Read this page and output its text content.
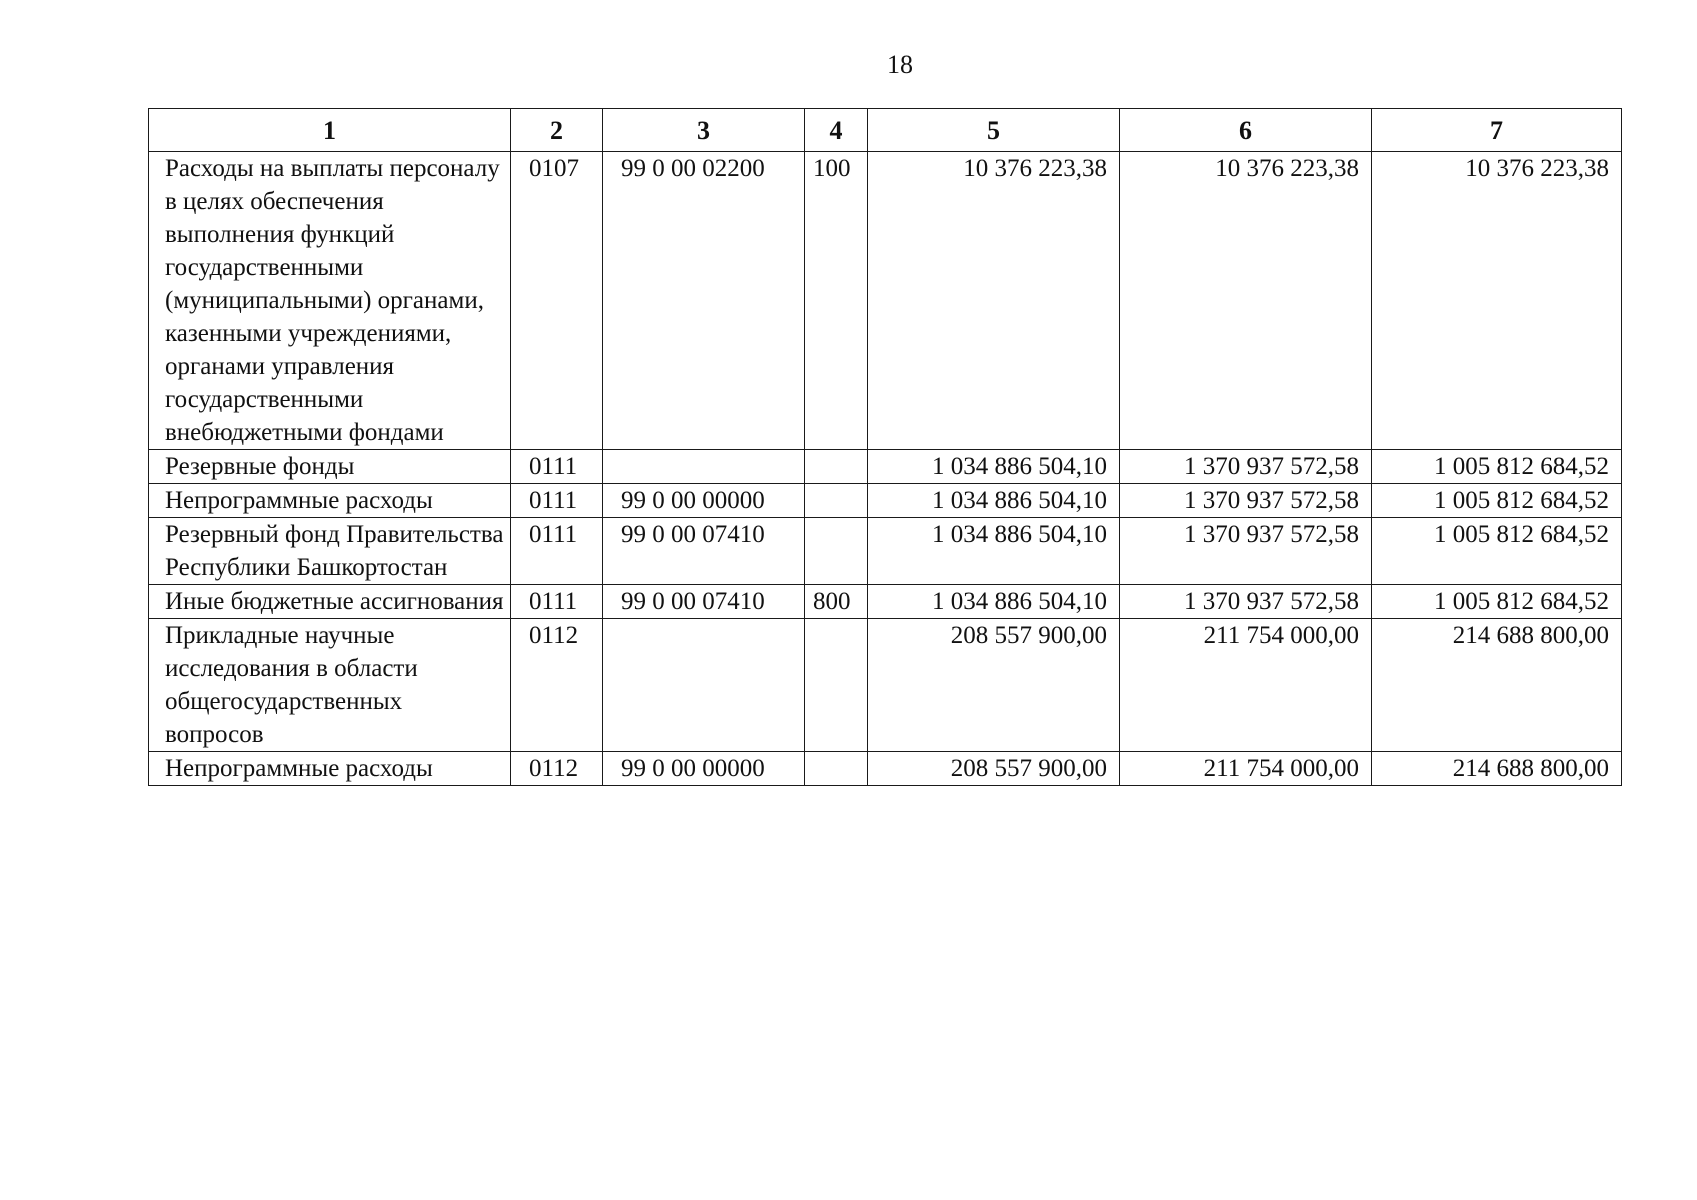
18
1	2	3	4	5	6	7
Расходы на выплаты персоналу в целях обеспечения выполнения функций государственными (муниципальными) органами, казенными учреждениями, органами управления государственными внебюджетными фондами	0107	99 0 00 02200	100	10 376 223,38	10 376 223,38	10 376 223,38
Резервные фонды	0111			1 034 886 504,10	1 370 937 572,58	1 005 812 684,52
Непрограммные расходы	0111	99 0 00 00000		1 034 886 504,10	1 370 937 572,58	1 005 812 684,52
Резервный фонд Правительства Республики Башкортостан	0111	99 0 00 07410		1 034 886 504,10	1 370 937 572,58	1 005 812 684,52
Иные бюджетные ассигнования	0111	99 0 00 07410	800	1 034 886 504,10	1 370 937 572,58	1 005 812 684,52
Прикладные научные исследования в области общегосударственных вопросов	0112			208 557 900,00	211 754 000,00	214 688 800,00
Непрограммные расходы	0112	99 0 00 00000		208 557 900,00	211 754 000,00	214 688 800,00
